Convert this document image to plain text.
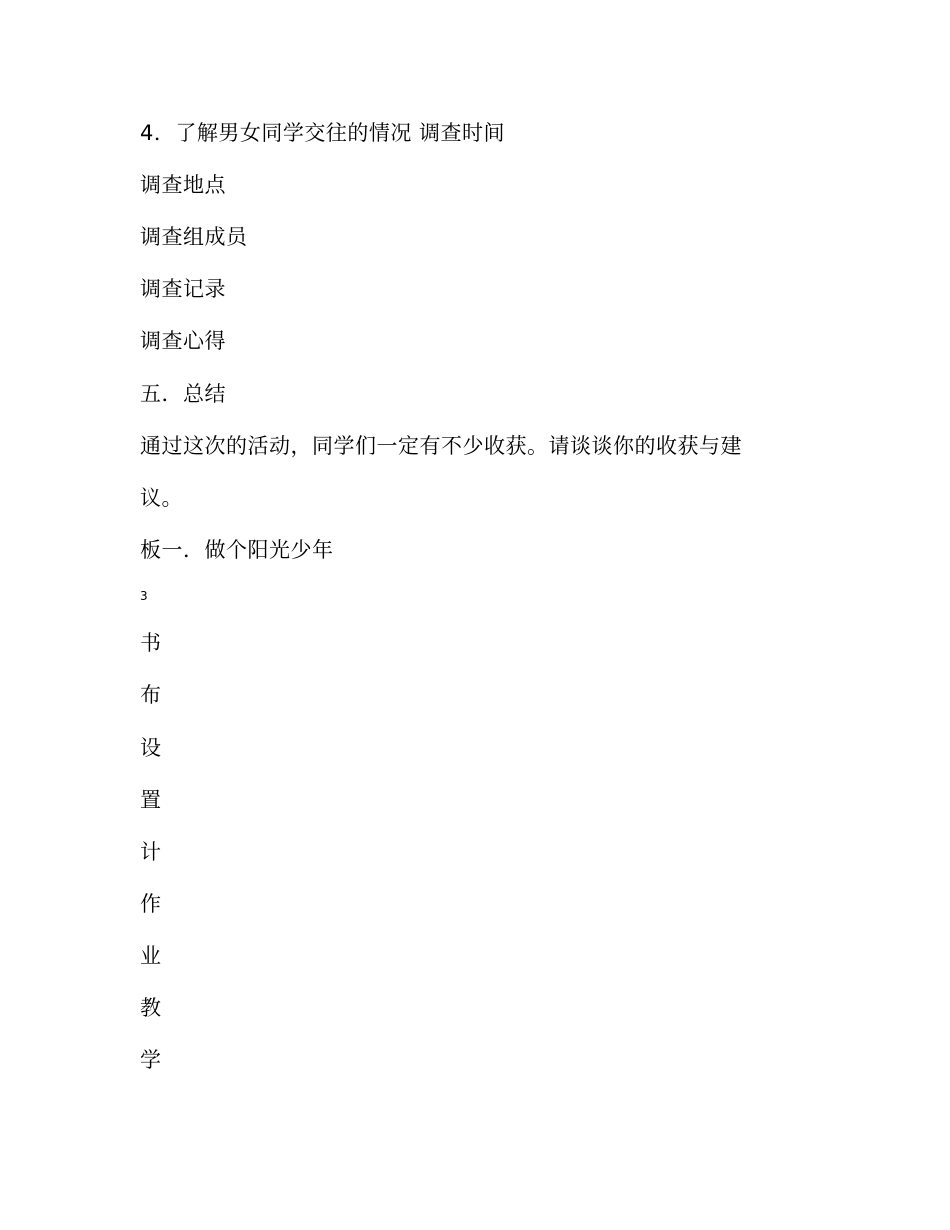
4．了解男女同学交往的情况 调查时间
调查地点
调查组成员
调查记录
调查心得
五．总结
通过这次的活动，同学们一定有不少收获。请谈谈你的收获与建
议。
板一．做个阳光少年
3
书
布
设
置
计
作
业
教
学
